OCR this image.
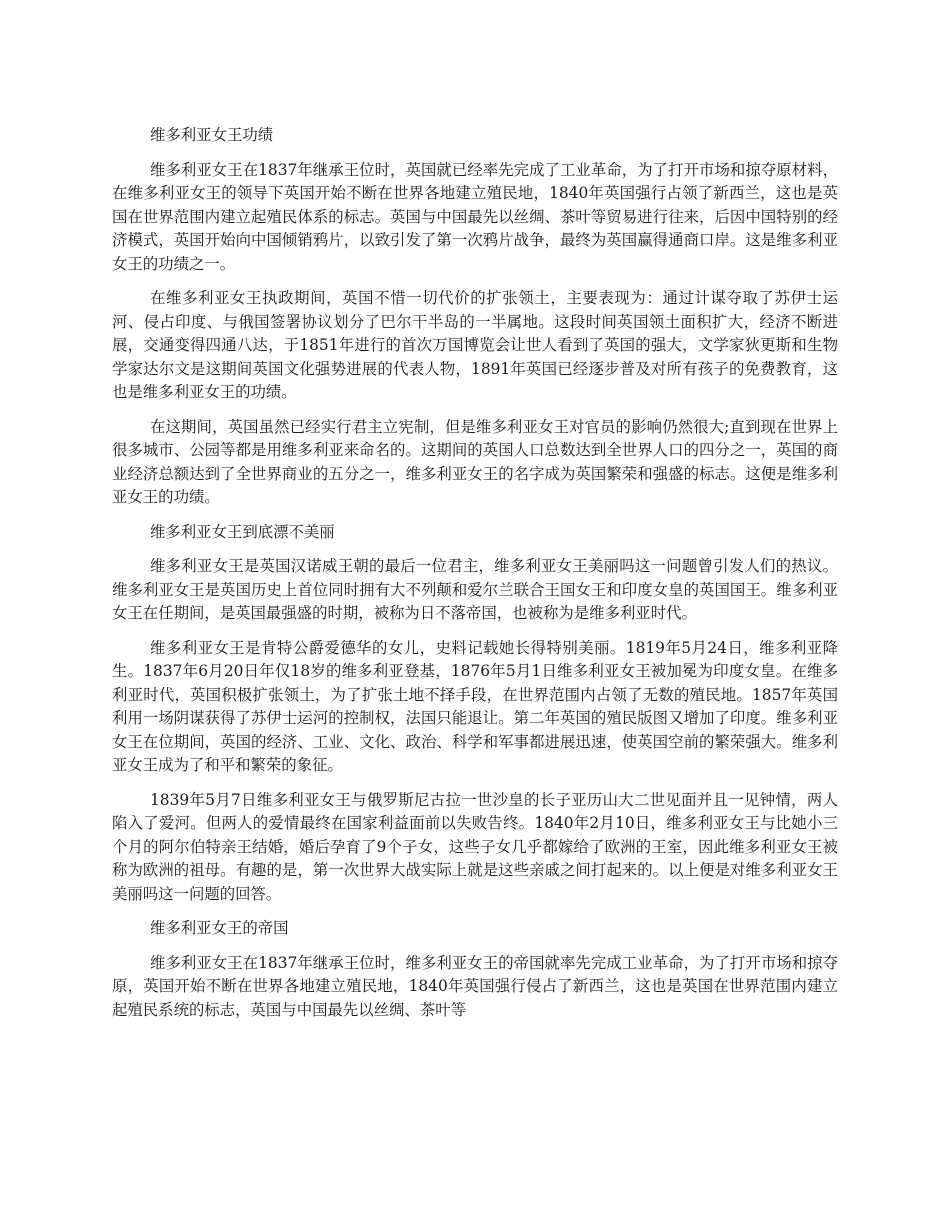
维多利亚女王功绩

维多利亚女王在1837年继承王位时，英国就已经率先完成了工业革命，为了打开市场和掠夺原材料，在维多利亚女王的领导下英国开始不断在世界各地建立殖民地，1840年英国强行占领了新西兰，这也是英国在世界范围内建立起殖民体系的标志。英国与中国最先以丝绸、茶叶等贸易进行往来，后因中国特别的经济模式，英国开始向中国倾销鸦片，以致引发了第一次鸦片战争，最终为英国赢得通商口岸。这是维多利亚女王的功绩之一。

在维多利亚女王执政期间，英国不惜一切代价的扩张领土，主要表现为：通过计谋夺取了苏伊士运河、侵占印度、与俄国签署协议划分了巴尔干半岛的一半属地。这段时间英国领土面积扩大，经济不断进展，交通变得四通八达，于1851年进行的首次万国博览会让世人看到了英国的强大，文学家狄更斯和生物学家达尔文是这期间英国文化强势进展的代表人物，1891年英国已经逐步普及对所有孩子的免费教育，这也是维多利亚女王的功绩。

在这期间，英国虽然已经实行君主立宪制，但是维多利亚女王对官员的影响仍然很大;直到现在世界上很多城市、公园等都是用维多利亚来命名的。这期间的英国人口总数达到全世界人口的四分之一，英国的商业经济总额达到了全世界商业的五分之一，维多利亚女王的名字成为英国繁荣和强盛的标志。这便是维多利亚女王的功绩。

维多利亚女王到底漂不美丽

维多利亚女王是英国汉诺威王朝的最后一位君主，维多利亚女王美丽吗这一问题曾引发人们的热议。维多利亚女王是英国历史上首位同时拥有大不列颠和爱尔兰联合王国女王和印度女皇的英国国王。维多利亚女王在任期间，是英国最强盛的时期，被称为日不落帝国，也被称为是维多利亚时代。

维多利亚女王是肯特公爵爱德华的女儿，史料记载她长得特别美丽。1819年5月24日，维多利亚降生。1837年6月20日年仅18岁的维多利亚登基，1876年5月1日维多利亚女王被加冕为印度女皇。在维多利亚时代，英国积极扩张领土，为了扩张土地不择手段，在世界范围内占领了无数的殖民地。1857年英国利用一场阴谋获得了苏伊士运河的控制权，法国只能退让。第二年英国的殖民版图又增加了印度。维多利亚女王在位期间，英国的经济、工业、文化、政治、科学和军事都进展迅速，使英国空前的繁荣强大。维多利亚女王成为了和平和繁荣的象征。

1839年5月7日维多利亚女王与俄罗斯尼古拉一世沙皇的长子亚历山大二世见面并且一见钟情，两人陷入了爱河。但两人的爱情最终在国家利益面前以失败告终。1840年2月10日，维多利亚女王与比她小三个月的阿尔伯特亲王结婚，婚后孕育了9个子女，这些子女几乎都嫁给了欧洲的王室，因此维多利亚女王被称为欧洲的祖母。有趣的是，第一次世界大战实际上就是这些亲戚之间打起来的。以上便是对维多利亚女王美丽吗这一问题的回答。

维多利亚女王的帝国

维多利亚女王在1837年继承王位时，维多利亚女王的帝国就率先完成工业革命，为了打开市场和掠夺原，英国开始不断在世界各地建立殖民地，1840年英国强行侵占了新西兰，这也是英国在世界范围内建立起殖民系统的标志，英国与中国最先以丝绸、茶叶等
